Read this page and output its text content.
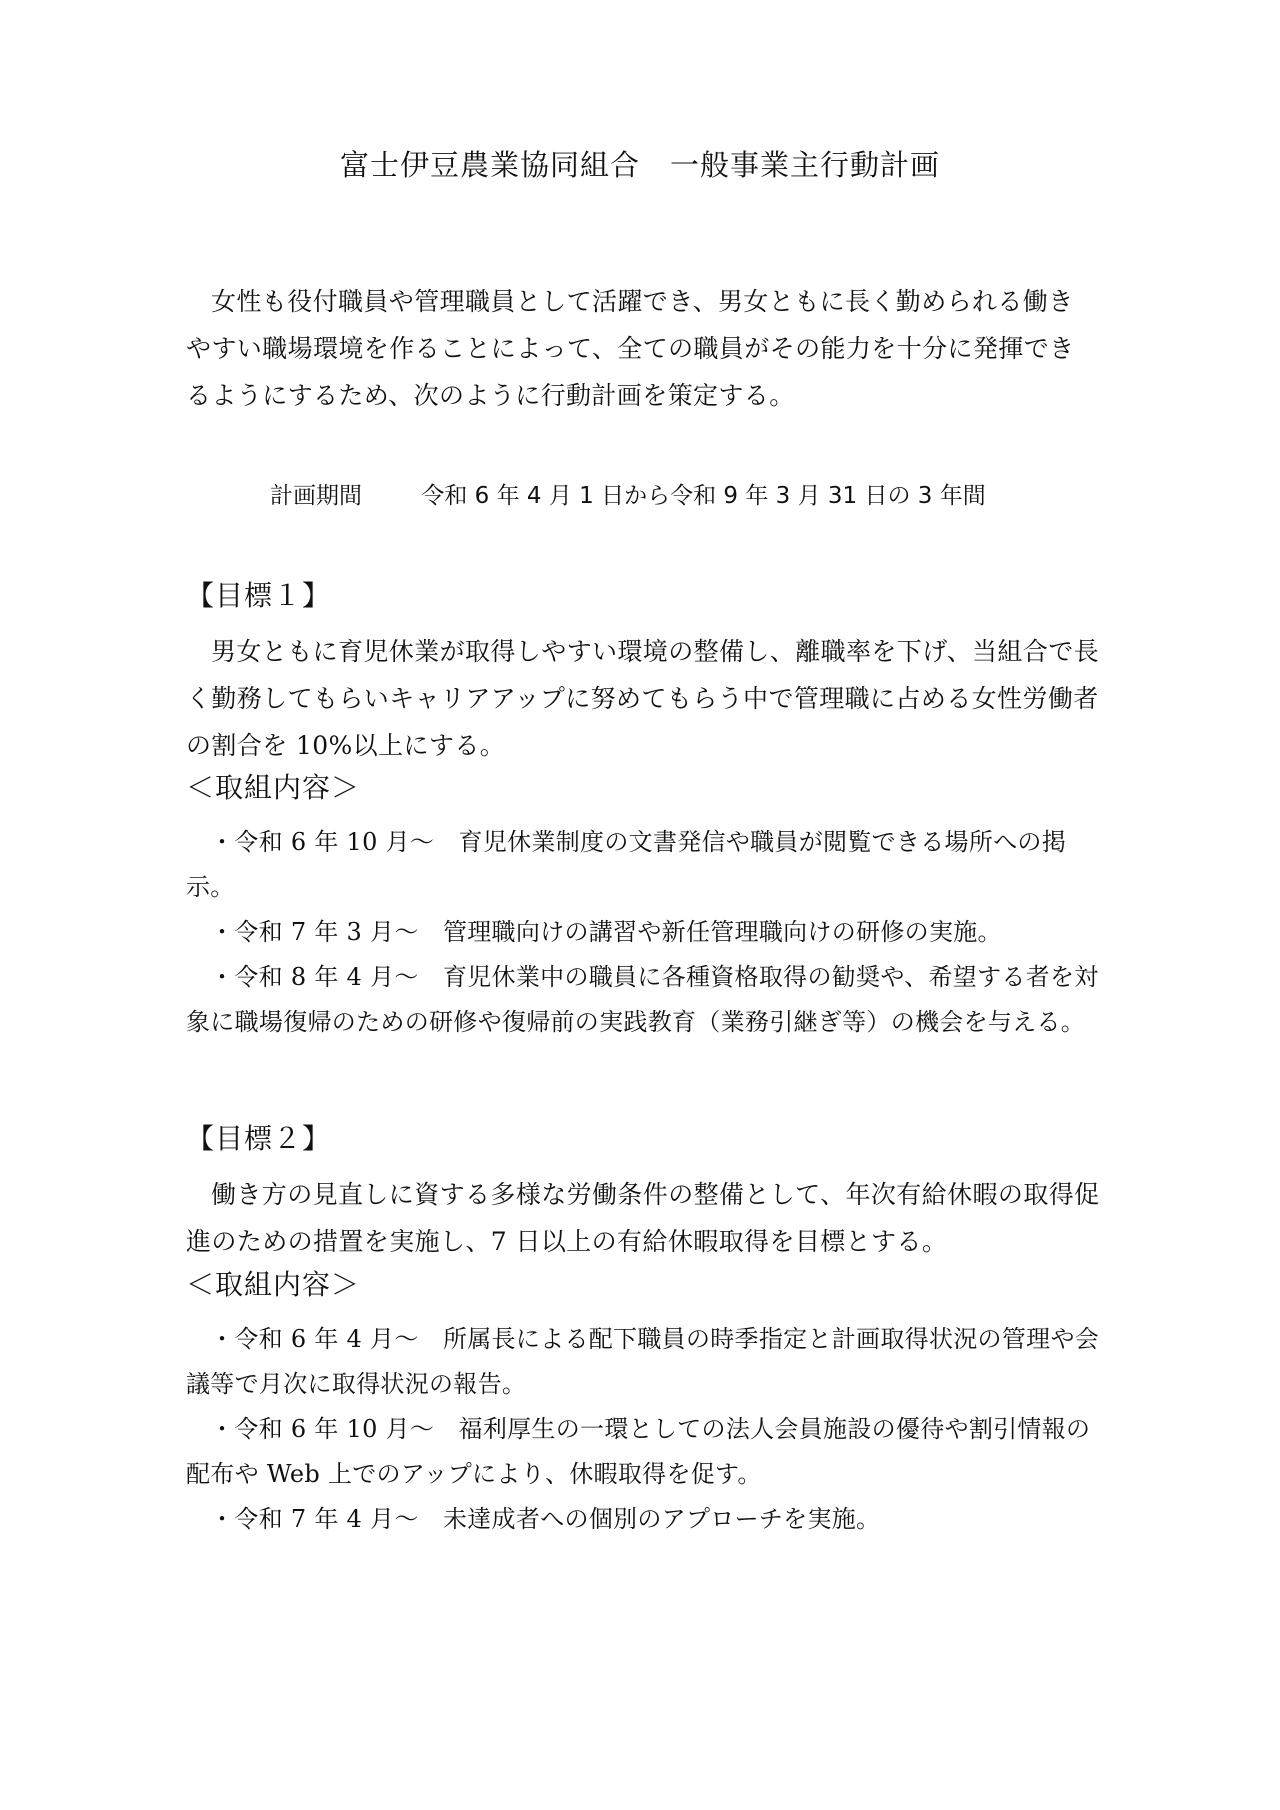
富士伊豆農業協同組合　一般事業主行動計画
女性も役付職員や管理職員として活躍でき、男女ともに長く勤められる働きやすい職場環境を作ることによって、全ての職員がその能力を十分に発揮できるようにするため、次のように行動計画を策定する。
計画期間	令和 6 年 4 月 1 日から令和 9 年 3 月 31 日の 3 年間
【目標１】
男女ともに育児休業が取得しやすい環境の整備し、離職率を下げ、当組合で長く勤務してもらいキャリアアップに努めてもらう中で管理職に占める女性労働者の割合を 10%以上にする。
＜取組内容＞
・令和 6 年 10 月～　育児休業制度の文書発信や職員が閲覧できる場所への掲示。
・令和 7 年 3 月～　管理職向けの講習や新任管理職向けの研修の実施。
・令和 8 年 4 月～　育児休業中の職員に各種資格取得の勧奨や、希望する者を対象に職場復帰のための研修や復帰前の実践教育（業務引継ぎ等）の機会を与える。
【目標２】
働き方の見直しに資する多様な労働条件の整備として、年次有給休暇の取得促進のための措置を実施し、7 日以上の有給休暇取得を目標とする。
＜取組内容＞
・令和 6 年 4 月～　所属長による配下職員の時季指定と計画取得状況の管理や会議等で月次に取得状況の報告。
・令和 6 年 10 月～　福利厚生の一環としての法人会員施設の優待や割引情報の配布や Web 上でのアップにより、休暇取得を促す。
・令和 7 年 4 月～　未達成者への個別のアプローチを実施。
